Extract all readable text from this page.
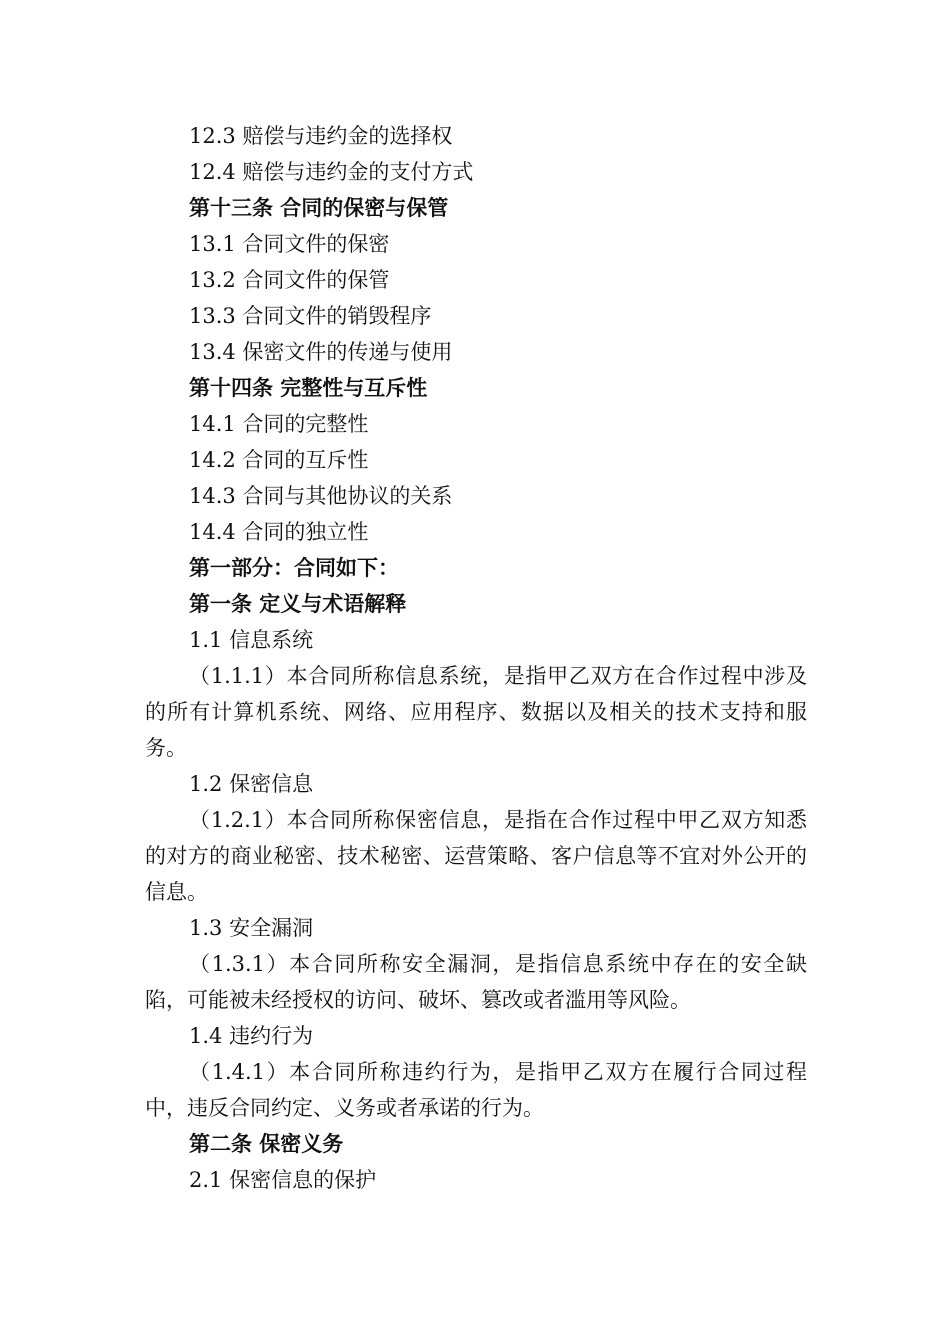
12.3 赔偿与违约金的选择权
12.4 赔偿与违约金的支付方式
第十三条 合同的保密与保管
13.1 合同文件的保密
13.2 合同文件的保管
13.3 合同文件的销毁程序
13.4 保密文件的传递与使用
第十四条 完整性与互斥性
14.1 合同的完整性
14.2 合同的互斥性
14.3 合同与其他协议的关系
14.4 合同的独立性
第一部分：合同如下：
第一条 定义与术语解释
1.1 信息系统
（1.1.1）本合同所称信息系统，是指甲乙双方在合作过程中涉及的所有计算机系统、网络、应用程序、数据以及相关的技术支持和服务。
1.2 保密信息
（1.2.1）本合同所称保密信息，是指在合作过程中甲乙双方知悉的对方的商业秘密、技术秘密、运营策略、客户信息等不宜对外公开的信息。
1.3 安全漏洞
（1.3.1）本合同所称安全漏洞，是指信息系统中存在的安全缺陷，可能被未经授权的访问、破坏、篡改或者滥用等风险。
1.4 违约行为
（1.4.1）本合同所称违约行为，是指甲乙双方在履行合同过程中，违反合同约定、义务或者承诺的行为。
第二条 保密义务
2.1 保密信息的保护
